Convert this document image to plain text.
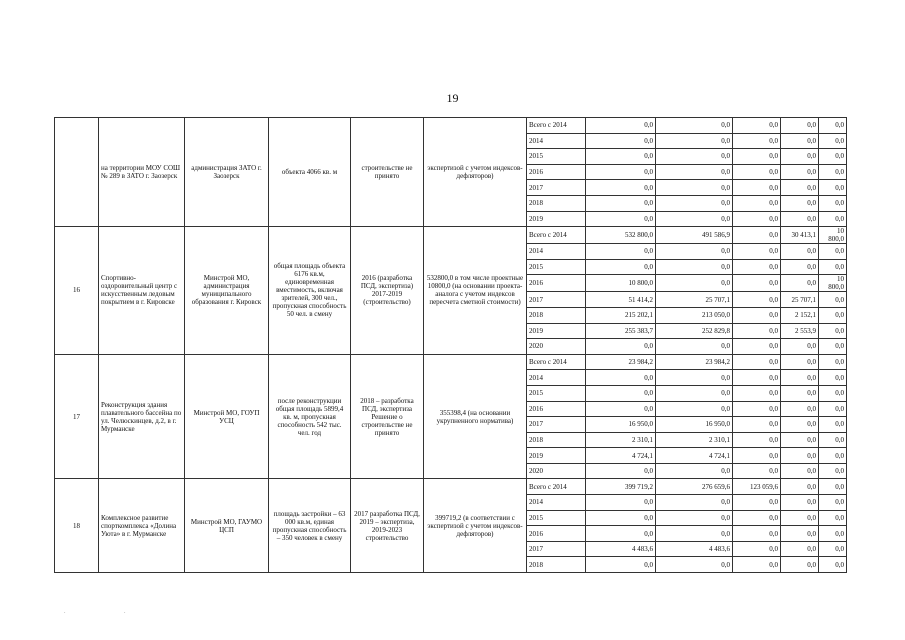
19
	на территории МОУ СОШ № 289 в ЗАТО г. Заозерск	администрация ЗАТО г. Заозерск	объекта 4066 кв. м	строительстве не принято	экспертизой с учетом индексов-дефляторов)	Всего с 2014	0,0	0,0	0,0	0,0	0,0
						2014	0,0	0,0	0,0	0,0	0,0
						2015	0,0	0,0	0,0	0,0	0,0
						2016	0,0	0,0	0,0	0,0	0,0
						2017	0,0	0,0	0,0	0,0	0,0
						2018	0,0	0,0	0,0	0,0	0,0
						2019	0,0	0,0	0,0	0,0	0,0
16	Спортивно-оздоровительный центр с искусственным ледовым покрытием в г. Кировске	Минстрой МО, администрация муниципального образования г. Кировск	общая площадь объекта 6176 кв.м, единовременная вместимость, включая зрителей, 300 чел., пропускная способность 50 чел. в смену	2016 (разработка ПСД, экспертиза) 2017-2019 (строительство)	532800,0 в том числе проектные 10800,0 (на основании проекта-аналога с учетом индексов пересчета сметной стоимости)	Всего с 2014	532 800,0	491 586,9	0,0	30 413,1	10 800,0
						2014	0,0	0,0	0,0	0,0	0,0
						2015	0,0	0,0	0,0	0,0	0,0
						2016	10 800,0	0,0	0,0	0,0	10 800,0
						2017	51 414,2	25 707,1	0,0	25 707,1	0,0
						2018	215 202,1	213 050,0	0,0	2 152,1	0,0
						2019	255 383,7	252 829,8	0,0	2 553,9	0,0
						2020	0,0	0,0	0,0	0,0	0,0
17	Реконструкция здания плавательного бассейна по ул. Челюскинцев, д.2, в г. Мурманске	Минстрой МО, ГОУП УСЦ	после реконструкции общая площадь 5899,4 кв. м, пропускная способность 542 тыс. чел. год	2018 – разработка ПСД, экспертиза Решение о строительстве не принято	355398,4 (на основании укрупненного норматива)	Всего с 2014	23 984,2	23 984,2	0,0	0,0	0,0
						2014	0,0	0,0	0,0	0,0	0,0
						2015	0,0	0,0	0,0	0,0	0,0
						2016	0,0	0,0	0,0	0,0	0,0
						2017	16 950,0	16 950,0	0,0	0,0	0,0
						2018	2 310,1	2 310,1	0,0	0,0	0,0
						2019	4 724,1	4 724,1	0,0	0,0	0,0
						2020	0,0	0,0	0,0	0,0	0,0
18	Комплексное развитие спорткомплекса «Долина Уюта» в г. Мурманске	Минстрой МО, ГАУМО ЦСП	площадь застройки – 63 000 кв.м, единая пропускная способность – 350 человек в смену	2017 разработка ПСД, 2019 – экспертиза, 2019-2023 строительство	399719,2 (в соответствии с экспертизой с учетом индексов-дефляторов)	Всего с 2014	399 719,2	276 659,6	123 059,6	0,0	0,0
						2014	0,0	0,0	0,0	0,0	0,0
						2015	0,0	0,0	0,0	0,0	0,0
						2016	0,0	0,0	0,0	0,0	0,0
						2017	4 483,6	4 483,6	0,0	0,0	0,0
						2018	0,0	0,0	0,0	0,0	0,0
.                                       .
